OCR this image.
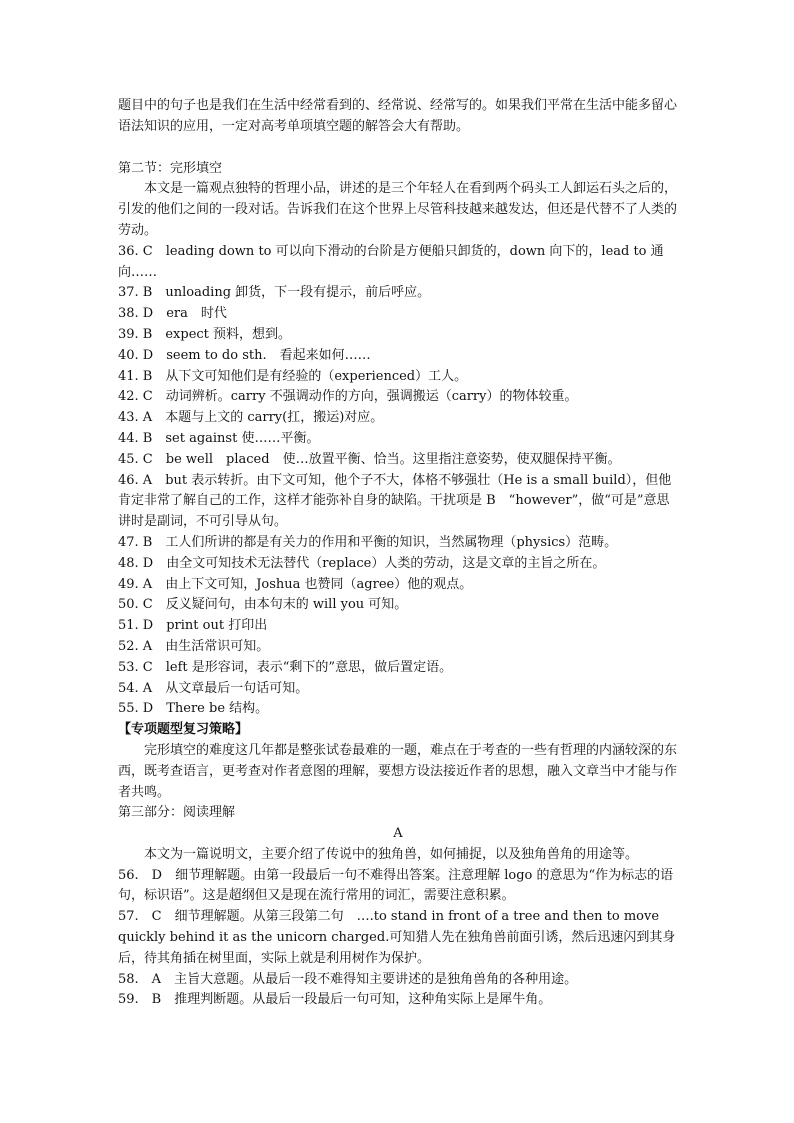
题目中的句子也是我们在生活中经常看到的、经常说、经常写的。如果我们平常在生活中能多留心语法知识的应用，一定对高考单项填空题的解答会大有帮助。

第二节：完形填空

本文是一篇观点独特的哲理小品，讲述的是三个年轻人在看到两个码头工人卸运石头之后的，引发的他们之间的一段对话。告诉我们在这个世界上尽管科技越来越发达，但还是代替不了人类的劳动。

36. C　leading down to 可以向下滑动的台阶是方便船只卸货的，down 向下的，lead to 通向……

37. B　unloading 卸货，下一段有提示，前后呼应。

38. D　era　时代

39. B　expect 预料，想到。

40. D　seem to do sth.　看起来如何……

41. B　从下文可知他们是有经验的（experienced）工人。

42. C　动词辨析。carry 不强调动作的方向，强调搬运（carry）的物体较重。

43. A　本题与上文的 carry(扛，搬运)对应。

44. B　set against 使……平衡。

45. C　be well　placed　使…放置平衡、恰当。这里指注意姿势，使双腿保持平衡。

46. A　but 表示转折。由下文可知，他个子不大，体格不够强壮（He is a small build），但他肯定非常了解自己的工作，这样才能弥补自身的缺陷。干扰项是 B　“however”，做“可是”意思讲时是副词，不可引导从句。

47. B　工人们所讲的都是有关力的作用和平衡的知识，当然属物理（physics）范畴。

48. D　由全文可知技术无法替代（replace）人类的劳动，这是文章的主旨之所在。

49. A　由上下文可知，Joshua 也赞同（agree）他的观点。

50. C　反义疑问句，由本句末的 will you 可知。

51. D　print out 打印出

52. A　由生活常识可知。

53. C　left 是形容词，表示“剩下的”意思，做后置定语。

54. A　从文章最后一句话可知。

55. D　There be 结构。

【专项题型复习策略】

完形填空的难度这几年都是整张试卷最难的一题，难点在于考查的一些有哲理的内涵较深的东西，既考查语言，更考查对作者意图的理解，要想方设法接近作者的思想，融入文章当中才能与作者共鸣。

第三部分：阅读理解

A

本文为一篇说明文，主要介绍了传说中的独角兽，如何捕捉，以及独角兽角的用途等。

56.　D　细节理解题。由第一段最后一句不难得出答案。注意理解 logo 的意思为“作为标志的语句，标识语”。这是超纲但又是现在流行常用的词汇，需要注意积累。

57.　C　细节理解题。从第三段第二句　….to stand in front of a tree and then to move quickly behind it as the unicorn charged.可知猎人先在独角兽前面引诱，然后迅速闪到其身后，待其角插在树里面，实际上就是利用树作为保护。

58.　A　主旨大意题。从最后一段不难得知主要讲述的是独角兽角的各种用途。

59.　B　推理判断题。从最后一段最后一句可知，这种角实际上是犀牛角。
